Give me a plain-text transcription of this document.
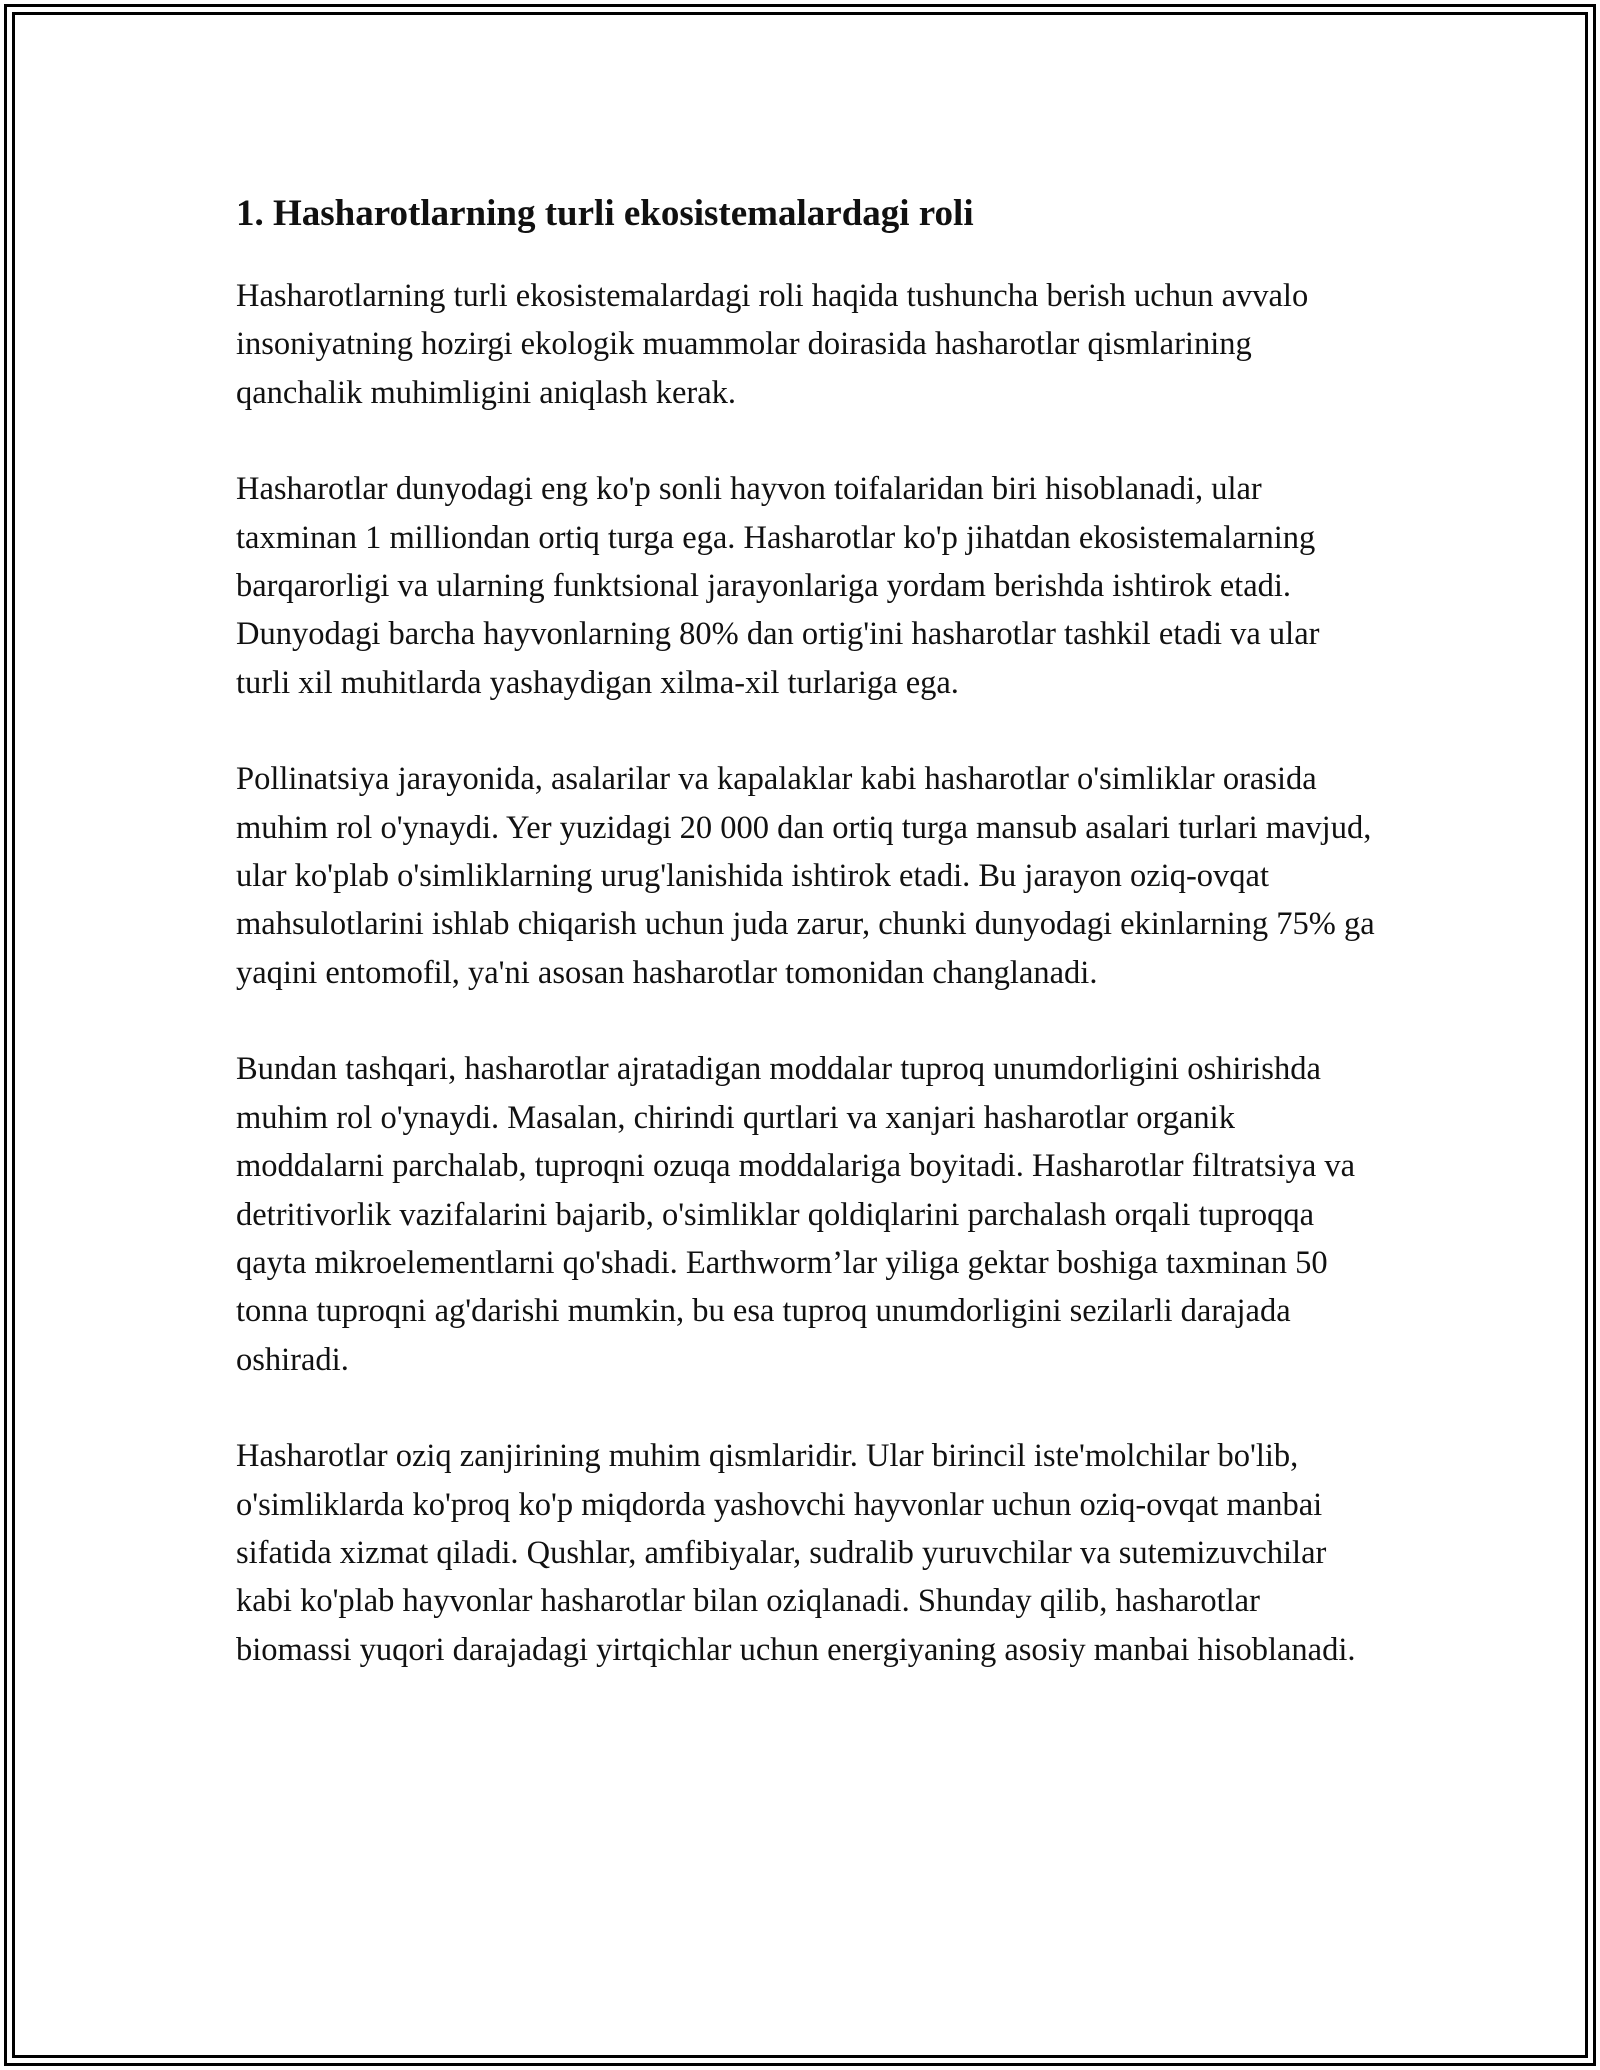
1. Hasharotlarning turli ekosistemalardagi roli

Hasharotlarning turli ekosistemalardagi roli haqida tushuncha berish uchun avvalo insoniyatning hozirgi ekologik muammolar doirasida hasharotlar qismlarining qanchalik muhimligini aniqlash kerak.

Hasharotlar dunyodagi eng ko'p sonli hayvon toifalaridan biri hisoblanadi, ular taxminan 1 milliondan ortiq turga ega. Hasharotlar ko'p jihatdan ekosistemalarning barqarorligi va ularning funktsional jarayonlariga yordam berishda ishtirok etadi. Dunyodagi barcha hayvonlarning 80% dan ortig'ini hasharotlar tashkil etadi va ular turli xil muhitlarda yashaydigan xilma-xil turlariga ega.

Pollinatsiya jarayonida, asalarilar va kapalaklar kabi hasharotlar o'simliklar orasida muhim rol o'ynaydi. Yer yuzidagi 20 000 dan ortiq turga mansub asalari turlari mavjud, ular ko'plab o'simliklarning urug'lanishida ishtirok etadi. Bu jarayon oziq-ovqat mahsulotlarini ishlab chiqarish uchun juda zarur, chunki dunyodagi ekinlarning 75% ga yaqini entomofil, ya'ni asosan hasharotlar tomonidan changlanadi.

Bundan tashqari, hasharotlar ajratadigan moddalar tuproq unumdorligini oshirishda muhim rol o'ynaydi. Masalan, chirindi qurtlari va xanjari hasharotlar organik moddalarni parchalab, tuproqni ozuqa moddalariga boyitadi. Hasharotlar filtratsiya va detritivorlik vazifalarini bajarib, o'simliklar qoldiqlarini parchalash orqali tuproqqa qayta mikroelementlarni qo'shadi. Earthworm’lar yiliga gektar boshiga taxminan 50 tonna tuproqni ag'darishi mumkin, bu esa tuproq unumdorligini sezilarli darajada oshiradi.

Hasharotlar oziq zanjirining muhim qismlaridir. Ular birincil iste'molchilar bo'lib, o'simliklarda ko'proq ko'p miqdorda yashovchi hayvonlar uchun oziq-ovqat manbai sifatida xizmat qiladi. Qushlar, amfibiyalar, sudralib yuruvchilar va sutemizuvchilar kabi ko'plab hayvonlar hasharotlar bilan oziqlanadi. Shunday qilib, hasharotlar biomassi yuqori darajadagi yirtqichlar uchun energiyaning asosiy manbai hisoblanadi.
